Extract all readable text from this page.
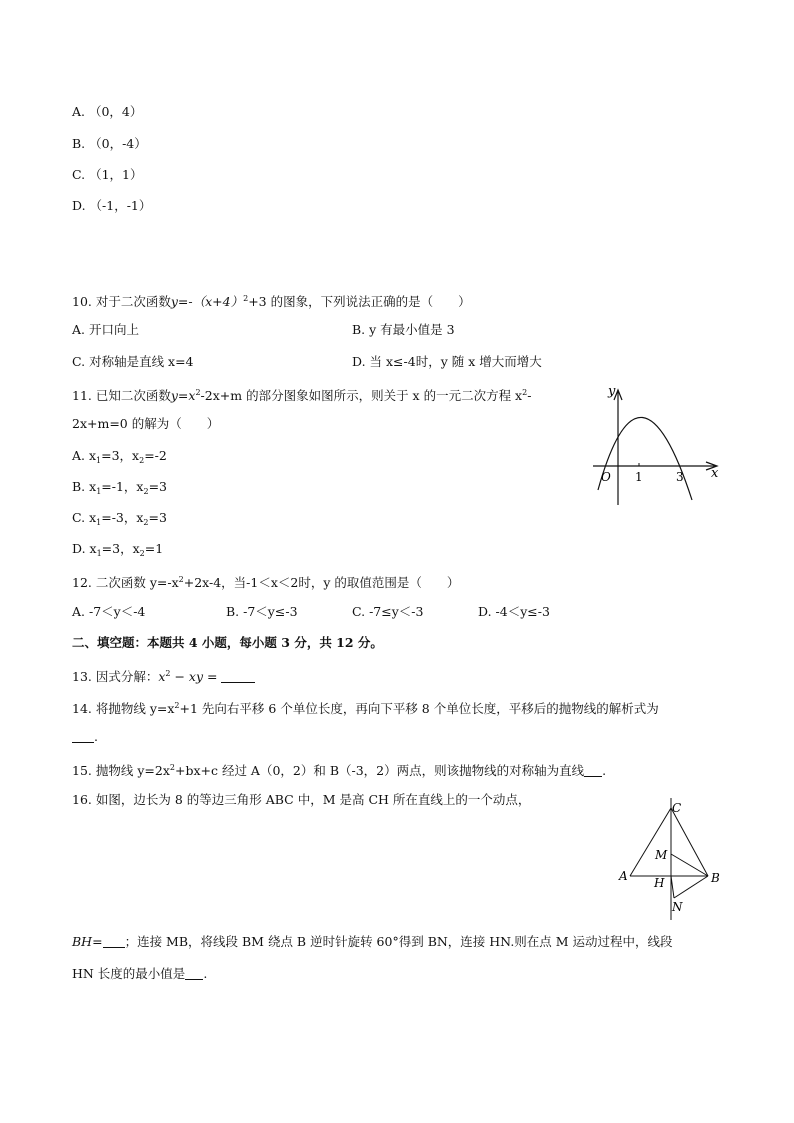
A. （0，4）
B. （0，-4）
C. （1，1）
D. （-1，-1）
10. 对于二次函数$y=-(x+4)^2+3$ 的图象，下列说法正确的是（　　）
A. 开口向上	B. y 有最小值是 3
C. 对称轴是直线 x=4	D. 当 x≤-4时，y 随 x 增大而增大
11. 已知二次函数$y=x^2-2x+m$ 的部分图象如图所示，则关于 x 的一元二次方程 $x^2-$
2x+m=0 的解为（　　）
A. $x_1=3$，$x_2=-2$
B. $x_1=-1$，$x_2=3$
C. $x_1=-3$，$x_2=3$
D. $x_1=3$，$x_2=1$
y
x
O 1	3
12. 二次函数 $y=-x^2+2x-4$，当-1＜x＜2时，y 的取值范围是（　　）
A. -7＜y＜-4	B. -7＜y≤-3	C. -7≤y＜-3	D. -4＜y≤-3
二、填空题：本题共 4 小题，每小题 3 分，共 12 分。
13. 因式分解：$x^2$ − xy =
14. 将抛物线 $y=x^2+1$ 先向右平移 6 个单位长度，再向下平移 8 个单位长度，平移后的抛物线的解析式为
.
15. 抛物线 $y=2x^2+bx+c$ 经过 A（0，2）和 B（-3，2）两点，则该抛物线的对称轴为直线 .
16. 如图，边长为 8 的等边三角形 ABC 中，M 是高 CH 所在直线上的一个动点，
C
M
A H	B
N
BH= ；连接 MB，将线段 BM 绕点 B 逆时针旋转 60°得到 BN，连接 HN.则在点 M 运动过程中，线段
HN 长度的最小值是 .
